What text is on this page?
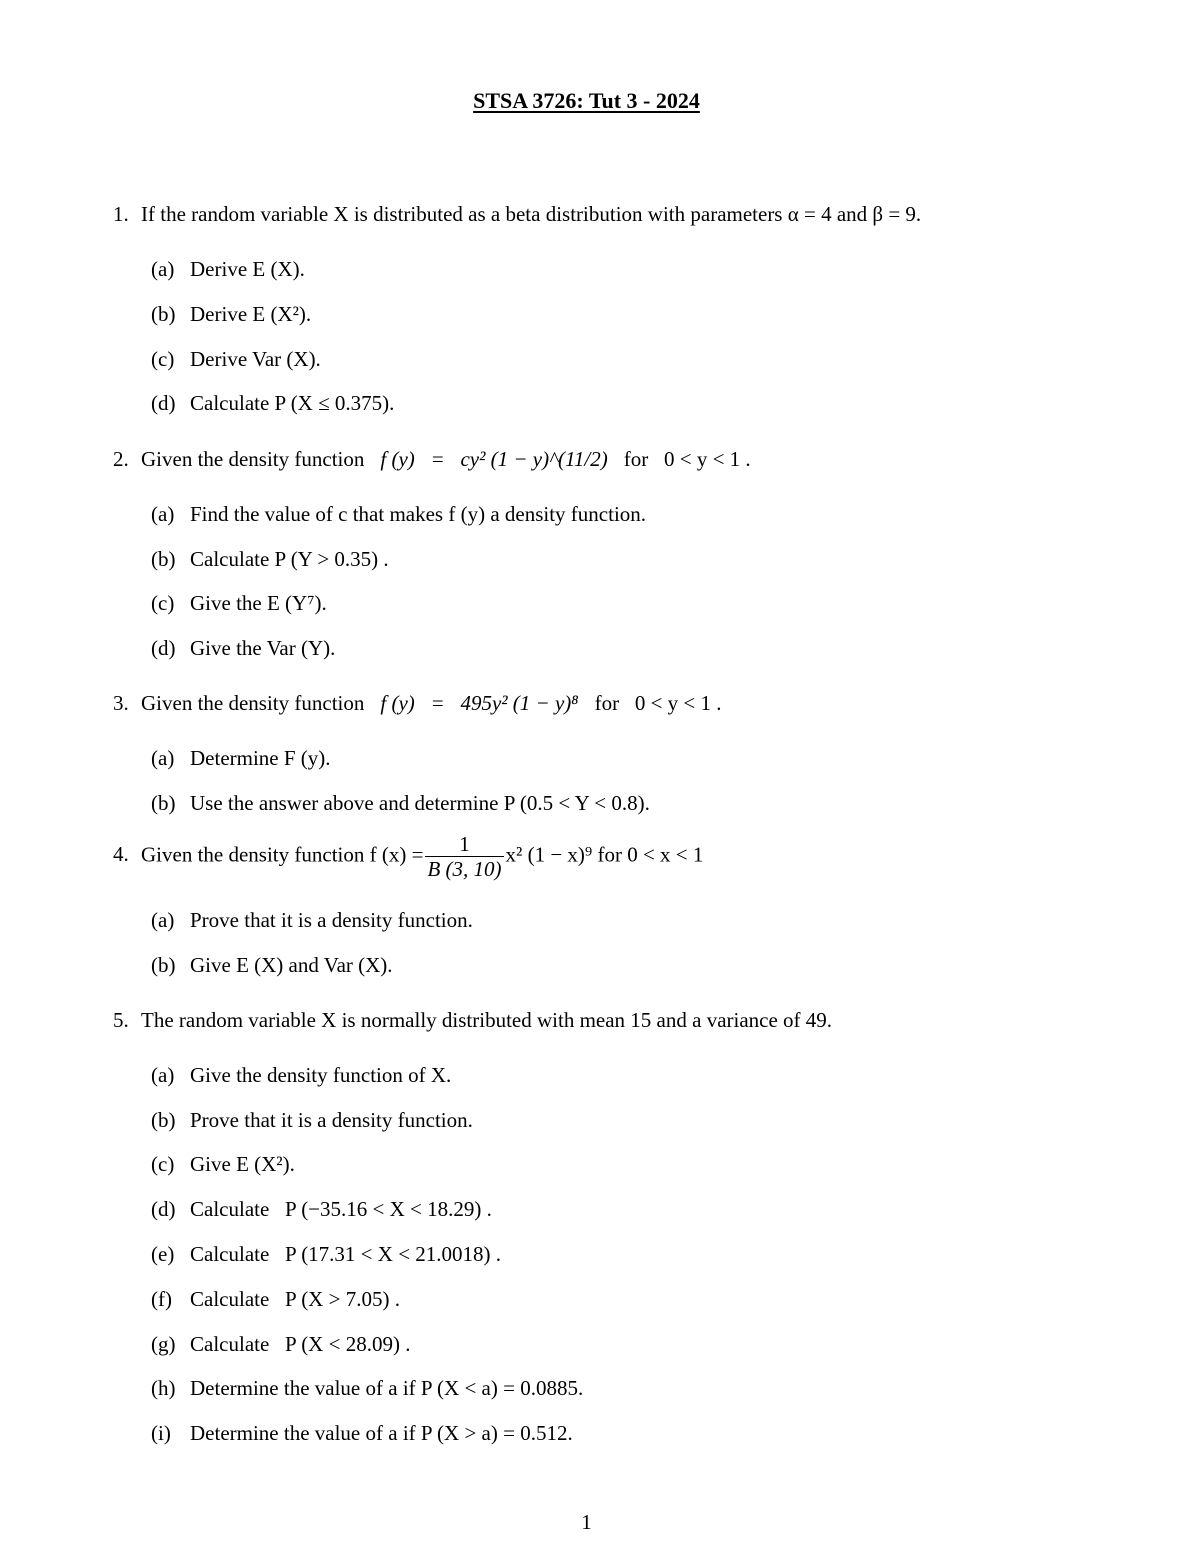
STSA 3726: Tut 3 - 2024
1. If the random variable X is distributed as a beta distribution with parameters α = 4 and β = 9.
(a) Derive E (X).
(b) Derive E (X²).
(c) Derive Var (X).
(d) Calculate P (X ≤ 0.375).
2. Given the density function f (y)   =   cy² (1 − y)^(11/2) for   0 < y < 1 .
(a) Find the value of c that makes f (y) a density function.
(b) Calculate P (Y > 0.35) .
(c) Give the E (Y⁷).
(d) Give the Var (Y).
3. Given the density function f (y)   =   495y² (1 − y)⁸ for   0 < y < 1 .
(a) Determine F (y).
(b) Use the answer above and determine P (0.5 < Y < 0.8).
4. Given the density function f $(x) = \frac{1}{B (3, 10)} x^2$ (1 − x)⁹ for 0 < x < 1
(a) Prove that it is a density function.
(b) Give E (X) and Var (X).
5. The random variable X is normally distributed with mean 15 and a variance of 49.
(a) Give the density function of X.
(b) Prove that it is a density function.
(c) Give E (X²).
(d) Calculate   P (−35.16 < X < 18.29) .
(e) Calculate   P (17.31 < X < 21.0018) .
(f) Calculate   P (X > 7.05) .
(g) Calculate   P (X < 28.09) .
(h) Determine the value of a if P (X < a) = 0.0885.
(i) Determine the value of a if P (X > a) = 0.512.
1
